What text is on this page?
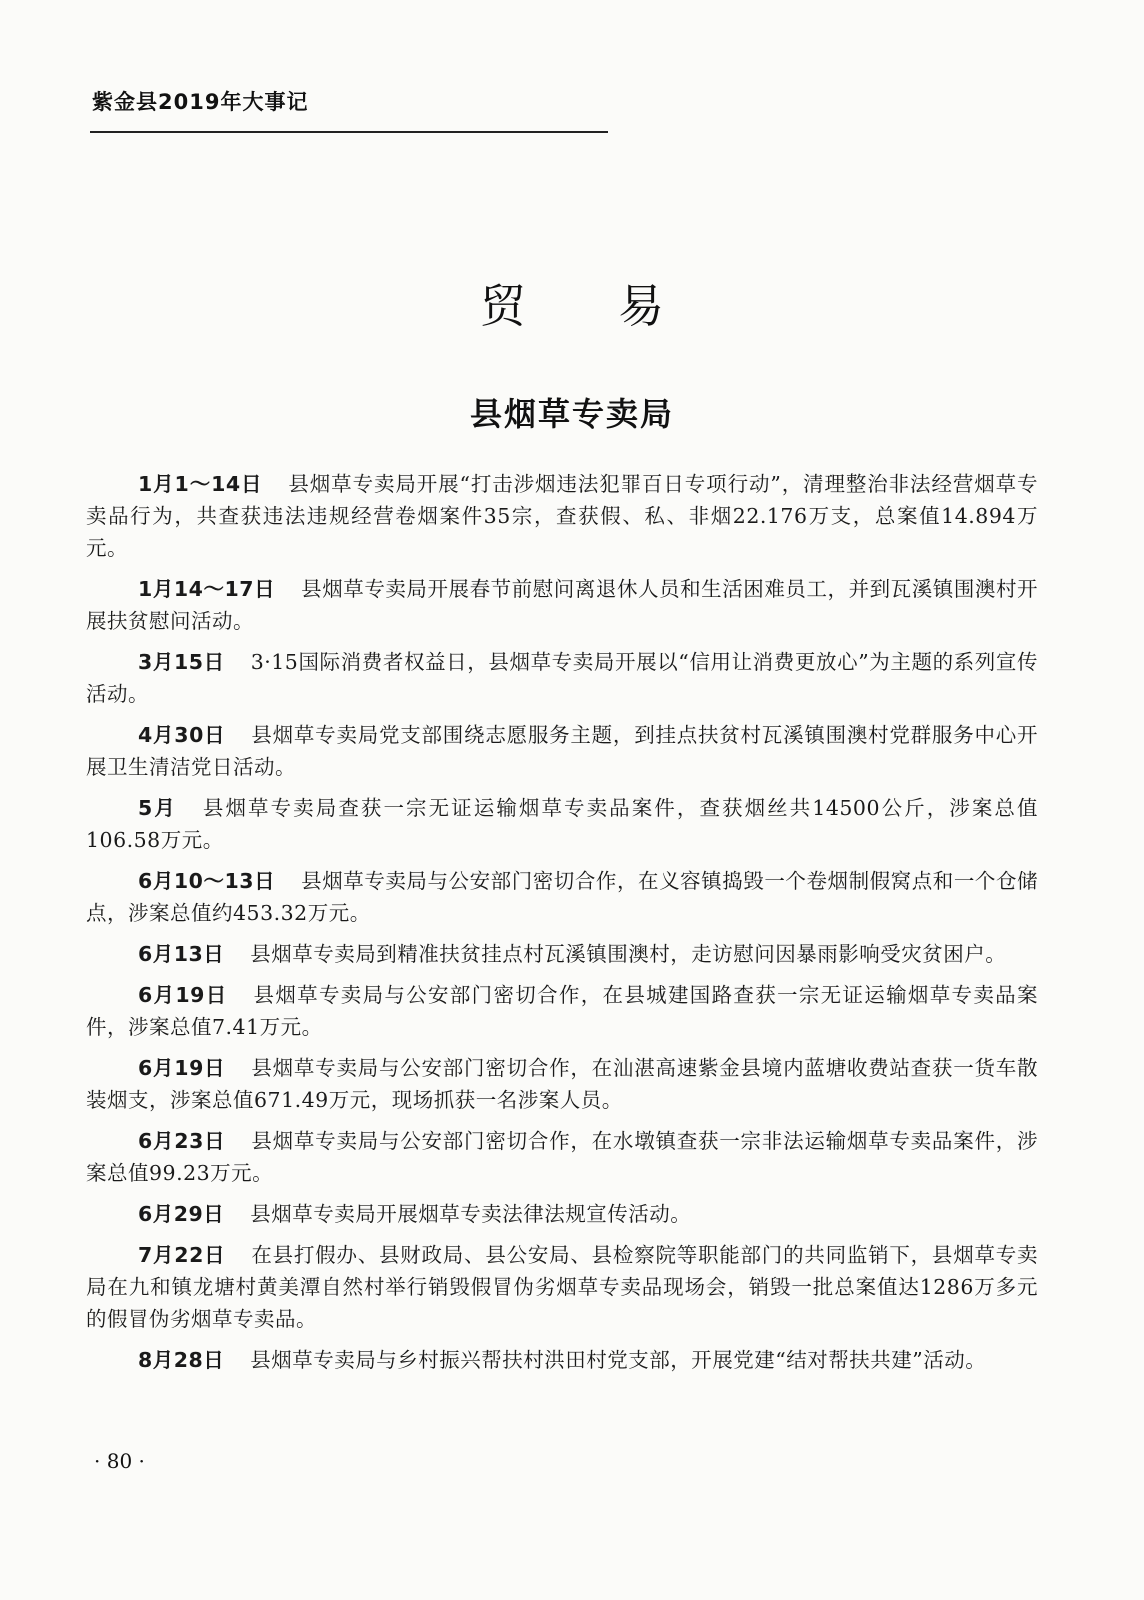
紫金县2019年大事记
贸易
县烟草专卖局

1月1～14日 县烟草专卖局开展“打击涉烟违法犯罪百日专项行动”，清理整治非法经营烟草专卖品行为，共查获违法违规经营卷烟案件35宗，查获假、私、非烟22.176万支，总案值14.894万元。

1月14～17日 县烟草专卖局开展春节前慰问离退休人员和生活困难员工，并到瓦溪镇围澳村开展扶贫慰问活动。

3月15日 3·15国际消费者权益日，县烟草专卖局开展以“信用让消费更放心”为主题的系列宣传活动。

4月30日 县烟草专卖局党支部围绕志愿服务主题，到挂点扶贫村瓦溪镇围澳村党群服务中心开展卫生清洁党日活动。

5月 县烟草专卖局查获一宗无证运输烟草专卖品案件，查获烟丝共14500公斤，涉案总值106.58万元。

6月10～13日 县烟草专卖局与公安部门密切合作，在义容镇捣毁一个卷烟制假窝点和一个仓储点，涉案总值约453.32万元。

6月13日 县烟草专卖局到精准扶贫挂点村瓦溪镇围澳村，走访慰问因暴雨影响受灾贫困户。

6月19日 县烟草专卖局与公安部门密切合作，在县城建国路查获一宗无证运输烟草专卖品案件，涉案总值7.41万元。

6月19日 县烟草专卖局与公安部门密切合作，在汕湛高速紫金县境内蓝塘收费站查获一货车散装烟支，涉案总值671.49万元，现场抓获一名涉案人员。

6月23日 县烟草专卖局与公安部门密切合作，在水墩镇查获一宗非法运输烟草专卖品案件，涉案总值99.23万元。

6月29日 县烟草专卖局开展烟草专卖法律法规宣传活动。

7月22日 在县打假办、县财政局、县公安局、县检察院等职能部门的共同监销下，县烟草专卖局在九和镇龙塘村黄美潭自然村举行销毁假冒伪劣烟草专卖品现场会，销毁一批总案值达1286万多元的假冒伪劣烟草专卖品。

8月28日 县烟草专卖局与乡村振兴帮扶村洪田村党支部，开展党建“结对帮扶共建”活动。

· 80 ·
